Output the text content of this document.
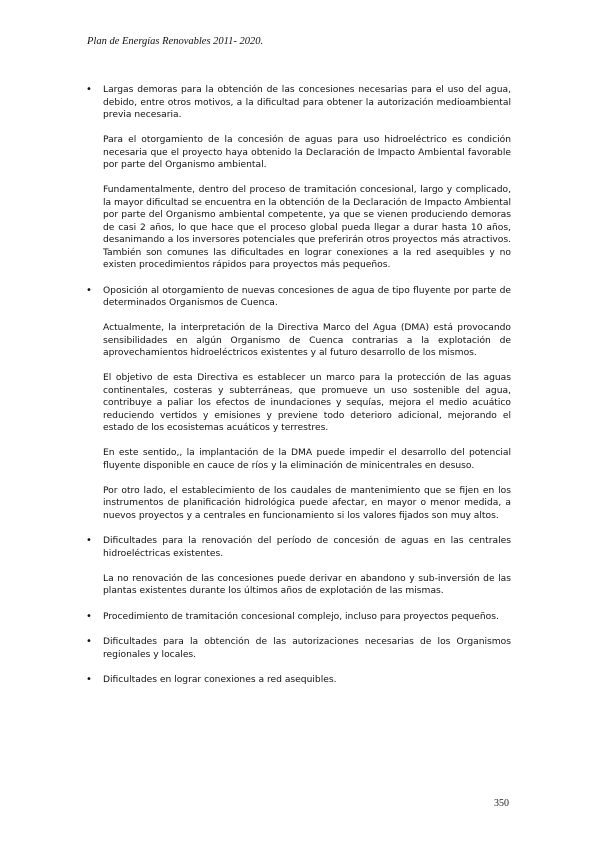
Plan de Energías Renovables 2011- 2020.
• Largas demoras para la obtención de las concesiones necesarias para el uso del agua, debido, entre otros motivos, a la dificultad para obtener la autorización medioambiental previa necesaria.

Para el otorgamiento de la concesión de aguas para uso hidroeléctrico es condición necesaria que el proyecto haya obtenido la Declaración de Impacto Ambiental favorable por parte del Organismo ambiental.

Fundamentalmente, dentro del proceso de tramitación concesional, largo y complicado, la mayor dificultad se encuentra en la obtención de la Declaración de Impacto Ambiental por parte del Organismo ambiental competente, ya que se vienen produciendo demoras de casi 2 años, lo que hace que el proceso global pueda llegar a durar hasta 10 años, desanimando a los inversores potenciales que preferirán otros proyectos más atractivos. También son comunes las dificultades en lograr conexiones a la red asequibles y no existen procedimientos rápidos para proyectos más pequeños.

• Oposición al otorgamiento de nuevas concesiones de agua de tipo fluyente por parte de determinados Organismos de Cuenca.

Actualmente, la interpretación de la Directiva Marco del Agua (DMA) está provocando sensibilidades en algún Organismo de Cuenca contrarias a la explotación de aprovechamientos hidroeléctricos existentes y al futuro desarrollo de los mismos.

El objetivo de esta Directiva es establecer un marco para la protección de las aguas continentales, costeras y subterráneas, que promueve un uso sostenible del agua, contribuye a paliar los efectos de inundaciones y sequías, mejora el medio acuático reduciendo vertidos y emisiones y previene todo deterioro adicional, mejorando el estado de los ecosistemas acuáticos y terrestres.

En este sentido,, la implantación de la DMA puede impedir el desarrollo del potencial fluyente disponible en cauce de ríos y la eliminación de minicentrales en desuso.

Por otro lado, el establecimiento de los caudales de mantenimiento que se fijen en los instrumentos de planificación hidrológica puede afectar, en mayor o menor medida, a nuevos proyectos y a centrales en funcionamiento si los valores fijados son muy altos.

• Dificultades para la renovación del período de concesión de aguas en las centrales hidroeléctricas existentes.

La no renovación de las concesiones puede derivar en abandono y sub-inversión de las plantas existentes durante los últimos años de explotación de las mismas.

• Procedimiento de tramitación concesional complejo, incluso para proyectos pequeños.

• Dificultades para la obtención de las autorizaciones necesarias de los Organismos regionales y locales.

• Dificultades en lograr conexiones a red asequibles.

350
